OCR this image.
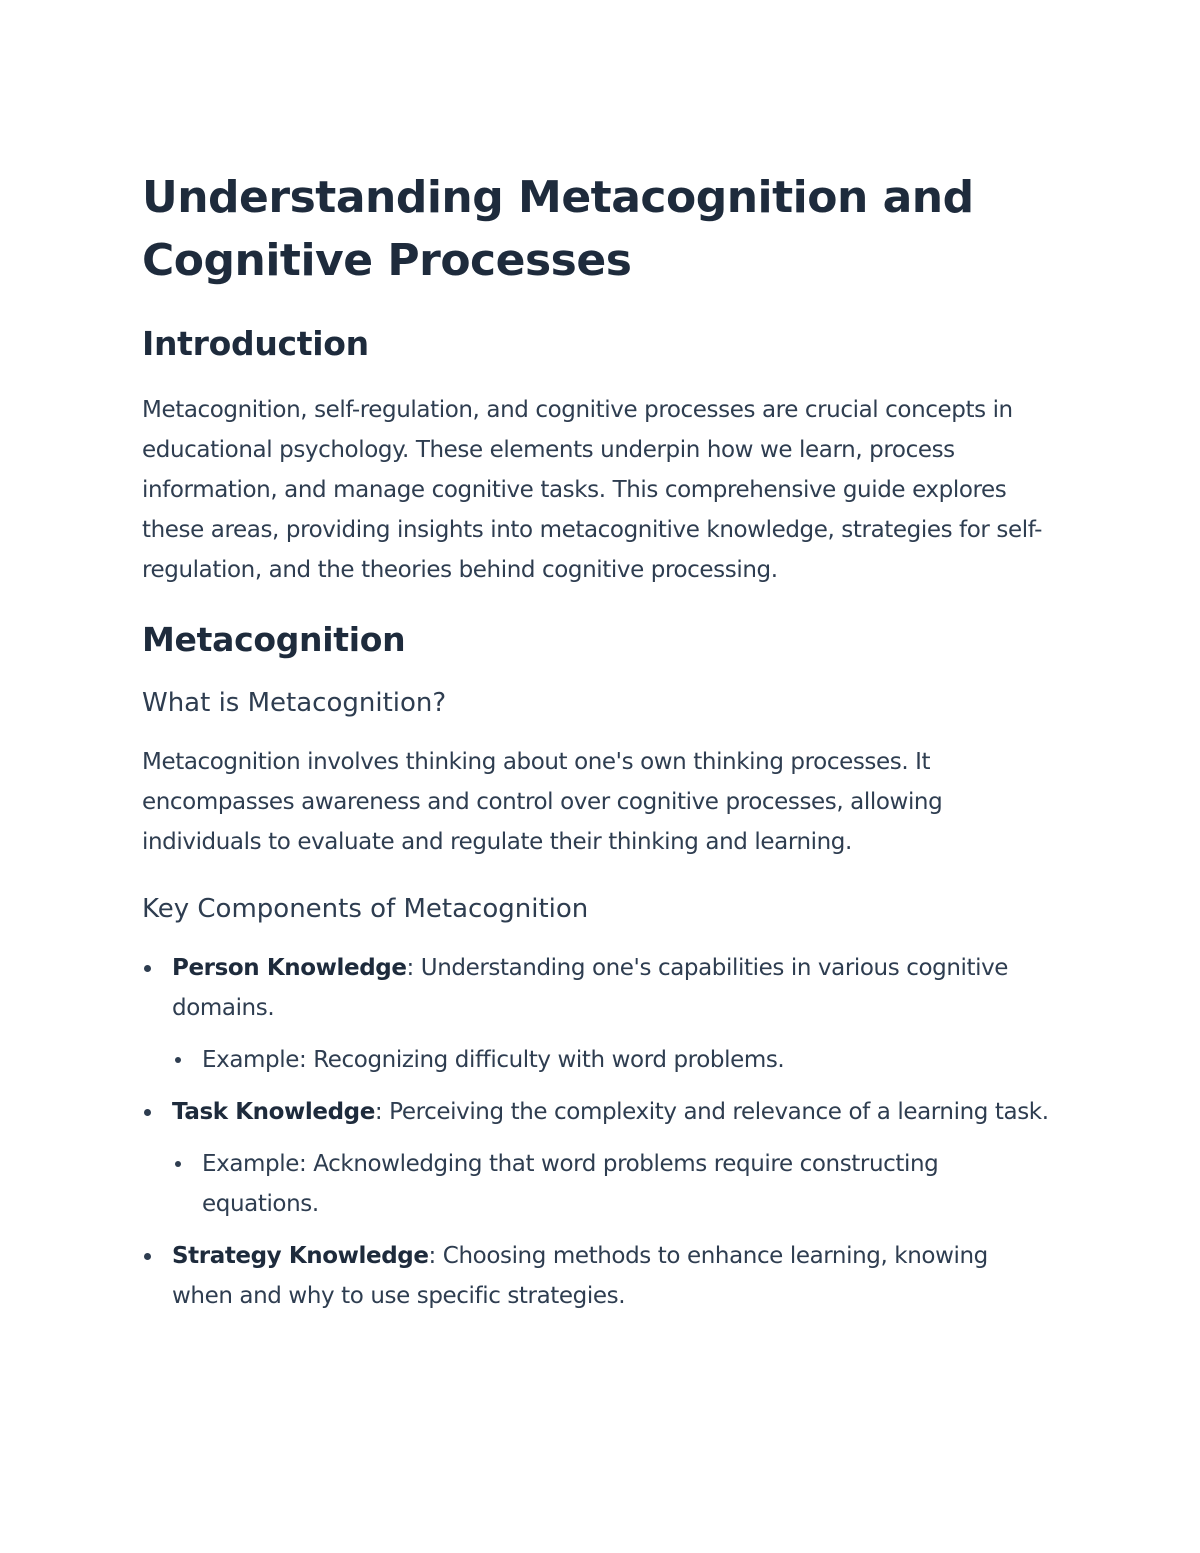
Understanding Metacognition and Cognitive Processes
Introduction

Metacognition, self-regulation, and cognitive processes are crucial concepts in educational psychology. These elements underpin how we learn, process information, and manage cognitive tasks. This comprehensive guide explores these areas, providing insights into metacognitive knowledge, strategies for self-regulation, and the theories behind cognitive processing.

Metacognition
What is Metacognition?

Metacognition involves thinking about one's own thinking processes. It encompasses awareness and control over cognitive processes, allowing individuals to evaluate and regulate their thinking and learning.

Key Components of Metacognition
Person Knowledge: Understanding one's capabilities in various cognitive domains.
Example: Recognizing difficulty with word problems.
Task Knowledge: Perceiving the complexity and relevance of a learning task.
Example: Acknowledging that word problems require constructing equations.
Strategy Knowledge: Choosing methods to enhance learning, knowing when and why to use specific strategies.
